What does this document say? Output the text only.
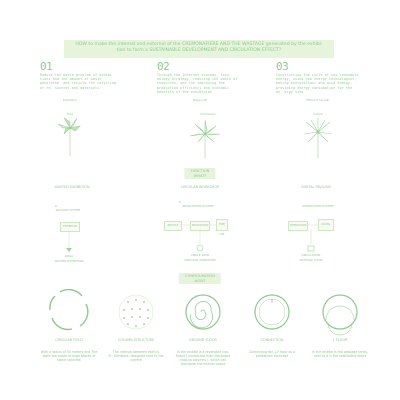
HOW to make the internal and external of the CREMONAFIERE AND THE WASTAGE generated by the exhibi-
tion to form a SUSTAINABLE DEVELOPMENT AND CIRCULATION EFFECT?
01	02	03
Reduce the waste problem of exhibi tions and the amount of waste generated, and recycle the recycling of re- sources and materials
Through the Internet economy, tech- nology strategy, reducing the waste of resources, and the improving the production efficiency and economic benefits of the exhibition
Constructing the cycle of new renewable energy, using new energy technologies, making photovoltaic and wind energy, providing energy consumption for the en- ergy site
Exhibition
Free
Mega LAB
Production
Efficient Circular
Future
· FUNCTION ·
WHAT?
WASTED EXHIBITION	CIRCULAR WORKSHOP	DIGITAL PAVILION
PAVILION SYSTEM
PRODUCTION SYSTEM	INTERACTION SYSTEM
EXHIBITION	RECYCLE	PRODUCTION	FREE USE
INTERACTION	DIGITAL
WASA
WASTED EXHIBITION
CIRCLE LOOP
CIRCULAR WORKSHOP
CIRCULATION
WASTAGE SHOW
· CONFIGURATION ·
HOW?
CIRCULAR FIELD	COLUMN STRUCTURE	GROUND FLOOR	CONNECTION	1 FLOOR
With a radius of 55 meters and The walls are made of large blocks of stone concrete
The interval between each is 8~10meters, designed next to the current
In the middle is a reversible con- fluent ( connected from discarded rings to columns ), which can transform the interior space
Connecting the 1-F floor as a pedestrian staircase
In the middle is the wastage tanks, next to it is the scaffolding stairs
